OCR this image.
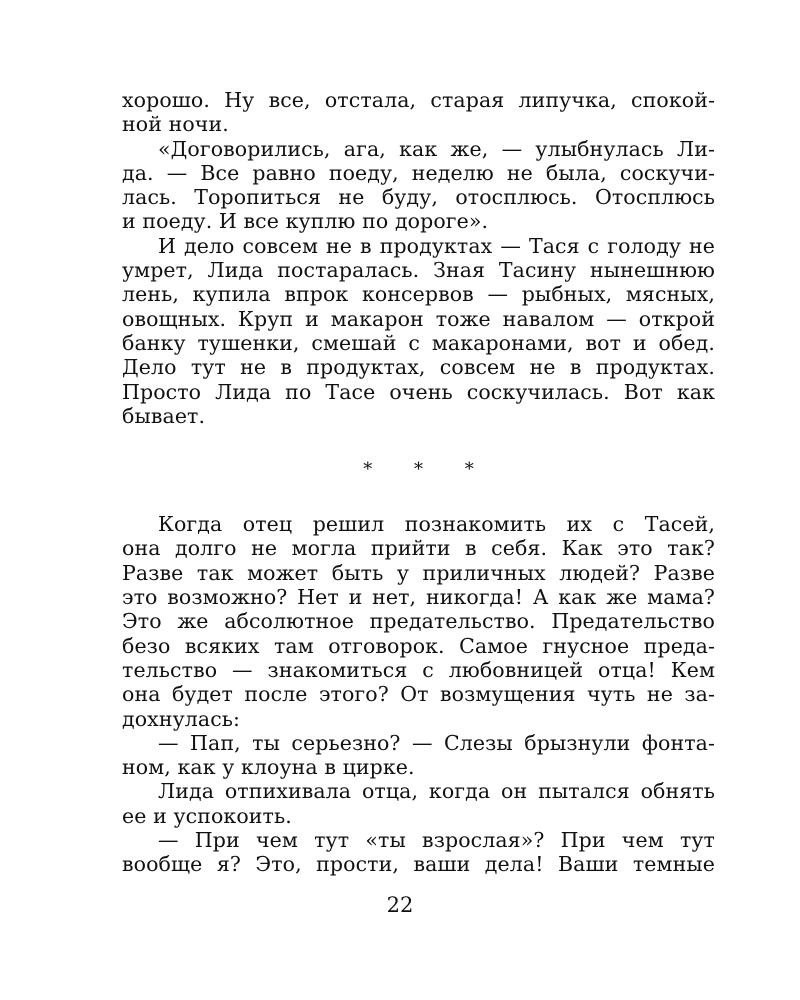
хорошо. Ну все, отстала, старая липучка, спокой-
ной ночи.
«Договорились, ага, как же, — улыбнулась Ли-
да. — Все равно поеду, неделю не была, соскучи-
лась. Торопиться не буду, отосплюсь. Отосплюсь
и поеду. И все куплю по дороге».
И дело совсем не в продуктах — Тася с голоду не
умрет, Лида постаралась. Зная Тасину нынешнюю
лень, купила впрок консервов — рыбных, мясных,
овощных. Круп и макарон тоже навалом — открой
банку тушенки, смешай с макаронами, вот и обед.
Дело тут не в продуктах, совсем не в продуктах.
Просто Лида по Тасе очень соскучилась. Вот как
бывает.
* * *
Когда отец решил познакомить их с Тасей,
она долго не могла прийти в себя. Как это так?
Разве так может быть у приличных людей? Разве
это возможно? Нет и нет, никогда! А как же мама?
Это же абсолютное предательство. Предательство
безо всяких там отговорок. Самое гнусное преда-
тельство — знакомиться с любовницей отца! Кем
она будет после этого? От возмущения чуть не за-
дохнулась:
— Пап, ты серьезно? — Слезы брызнули фонта-
ном, как у клоуна в цирке.
Лида отпихивала отца, когда он пытался обнять
ее и успокоить.
— При чем тут «ты взрослая»? При чем тут
вообще я? Это, прости, ваши дела! Ваши темные
22
